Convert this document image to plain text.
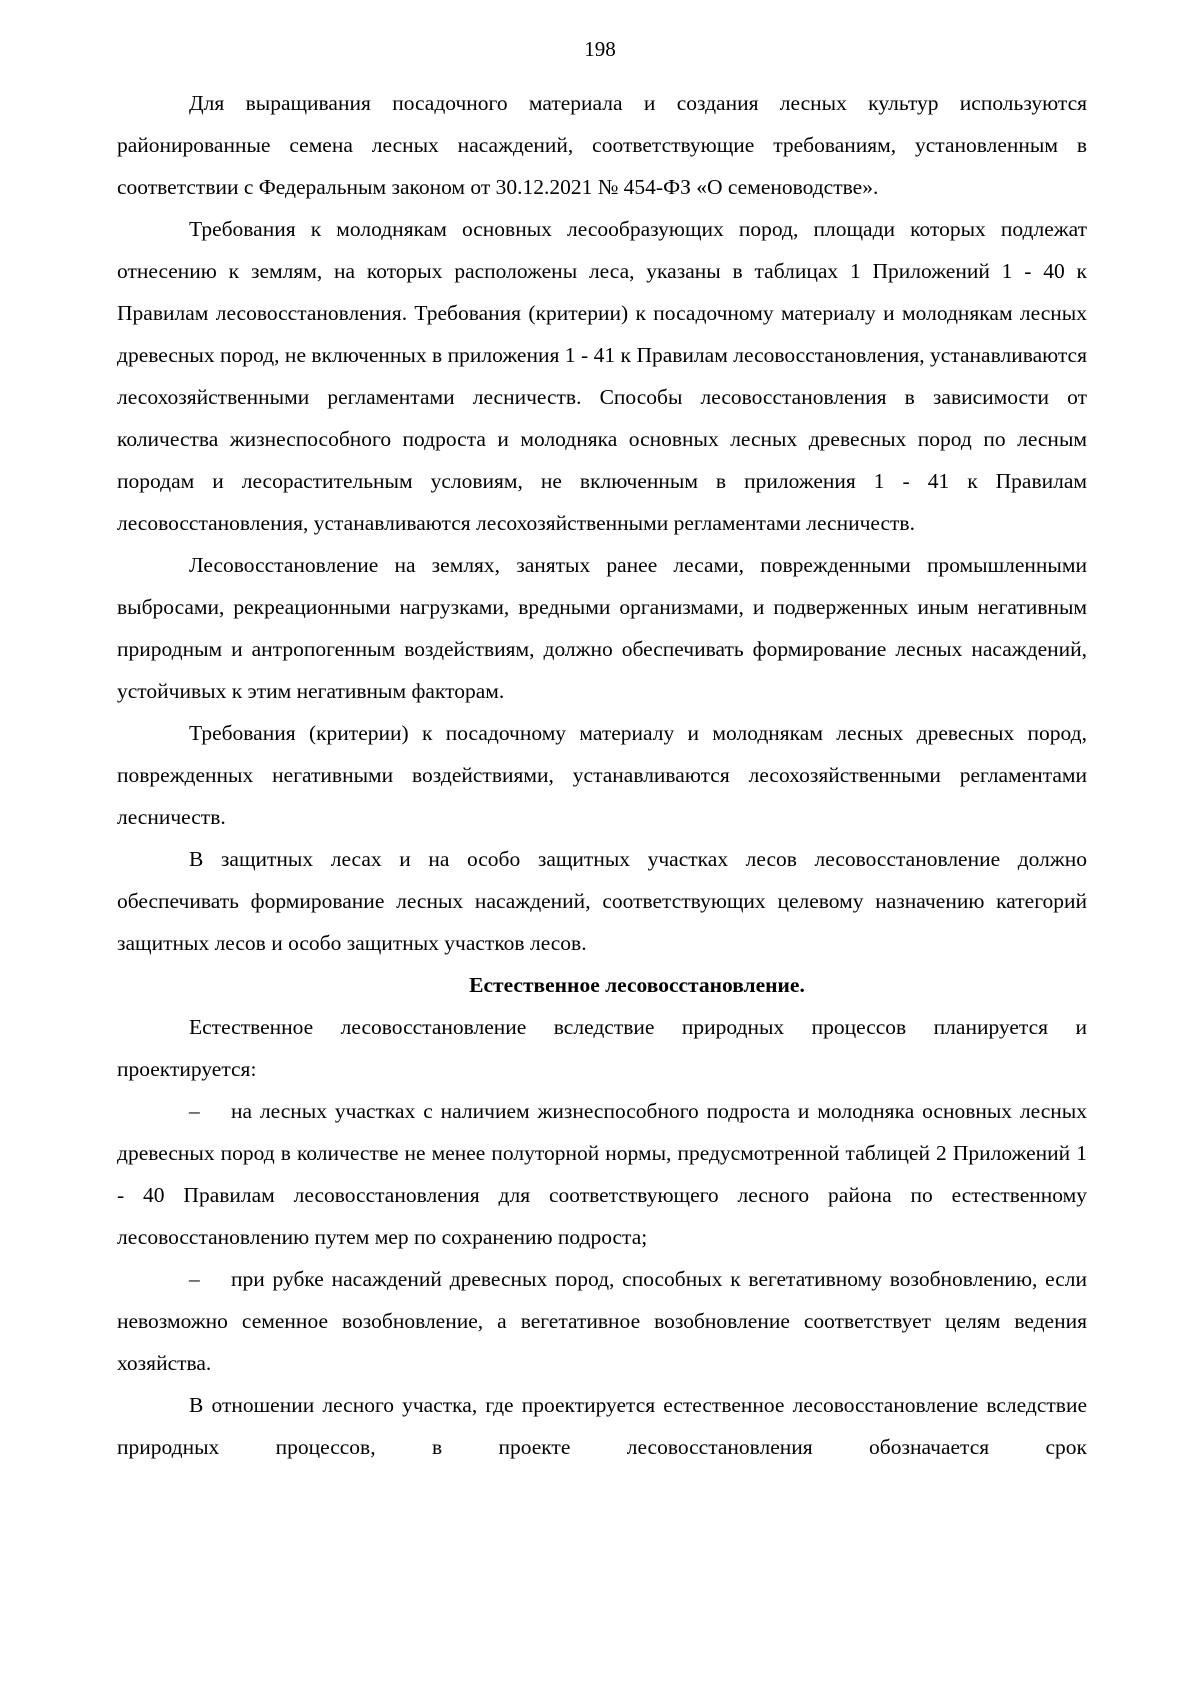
198

Для выращивания посадочного материала и создания лесных культур используются районированные семена лесных насаждений, соответствующие требованиям, установленным в соответствии с Федеральным законом от 30.12.2021 № 454-ФЗ «О семеноводстве».

Требования к молоднякам основных лесообразующих пород, площади которых подлежат отнесению к землям, на которых расположены леса, указаны в таблицах 1 Приложений 1 - 40 к Правилам лесовосстановления. Требования (критерии) к посадочному материалу и молоднякам лесных древесных пород, не включенных в приложения 1 - 41 к Правилам лесовосстановления, устанавливаются лесохозяйственными регламентами лесничеств. Способы лесовосстановления в зависимости от количества жизнеспособного подроста и молодняка основных лесных древесных пород по лесным породам и лесорастительным условиям, не включенным в приложения 1 - 41 к Правилам лесовосстановления, устанавливаются лесохозяйственными регламентами лесничеств.

Лесовосстановление на землях, занятых ранее лесами, поврежденными промышленными выбросами, рекреационными нагрузками, вредными организмами, и подверженных иным негативным природным и антропогенным воздействиям, должно обеспечивать формирование лесных насаждений, устойчивых к этим негативным факторам.

Требования (критерии) к посадочному материалу и молоднякам лесных древесных пород, поврежденных негативными воздействиями, устанавливаются лесохозяйственными регламентами лесничеств.

В защитных лесах и на особо защитных участках лесов лесовосстановление должно обеспечивать формирование лесных насаждений, соответствующих целевому назначению категорий защитных лесов и особо защитных участков лесов.

Естественное лесовосстановление.

Естественное лесовосстановление вследствие природных процессов планируется и проектируется:

– на лесных участках с наличием жизнеспособного подроста и молодняка основных лесных древесных пород в количестве не менее полуторной нормы, предусмотренной таблицей 2 Приложений 1 - 40 Правилам лесовосстановления для соответствующего лесного района по естественному лесовосстановлению путем мер по сохранению подроста;

– при рубке насаждений древесных пород, способных к вегетативному возобновлению, если невозможно семенное возобновление, а вегетативное возобновление соответствует целям ведения хозяйства.

В отношении лесного участка, где проектируется естественное лесовосстановление вследствие природных процессов, в проекте лесовосстановления обозначается срок
